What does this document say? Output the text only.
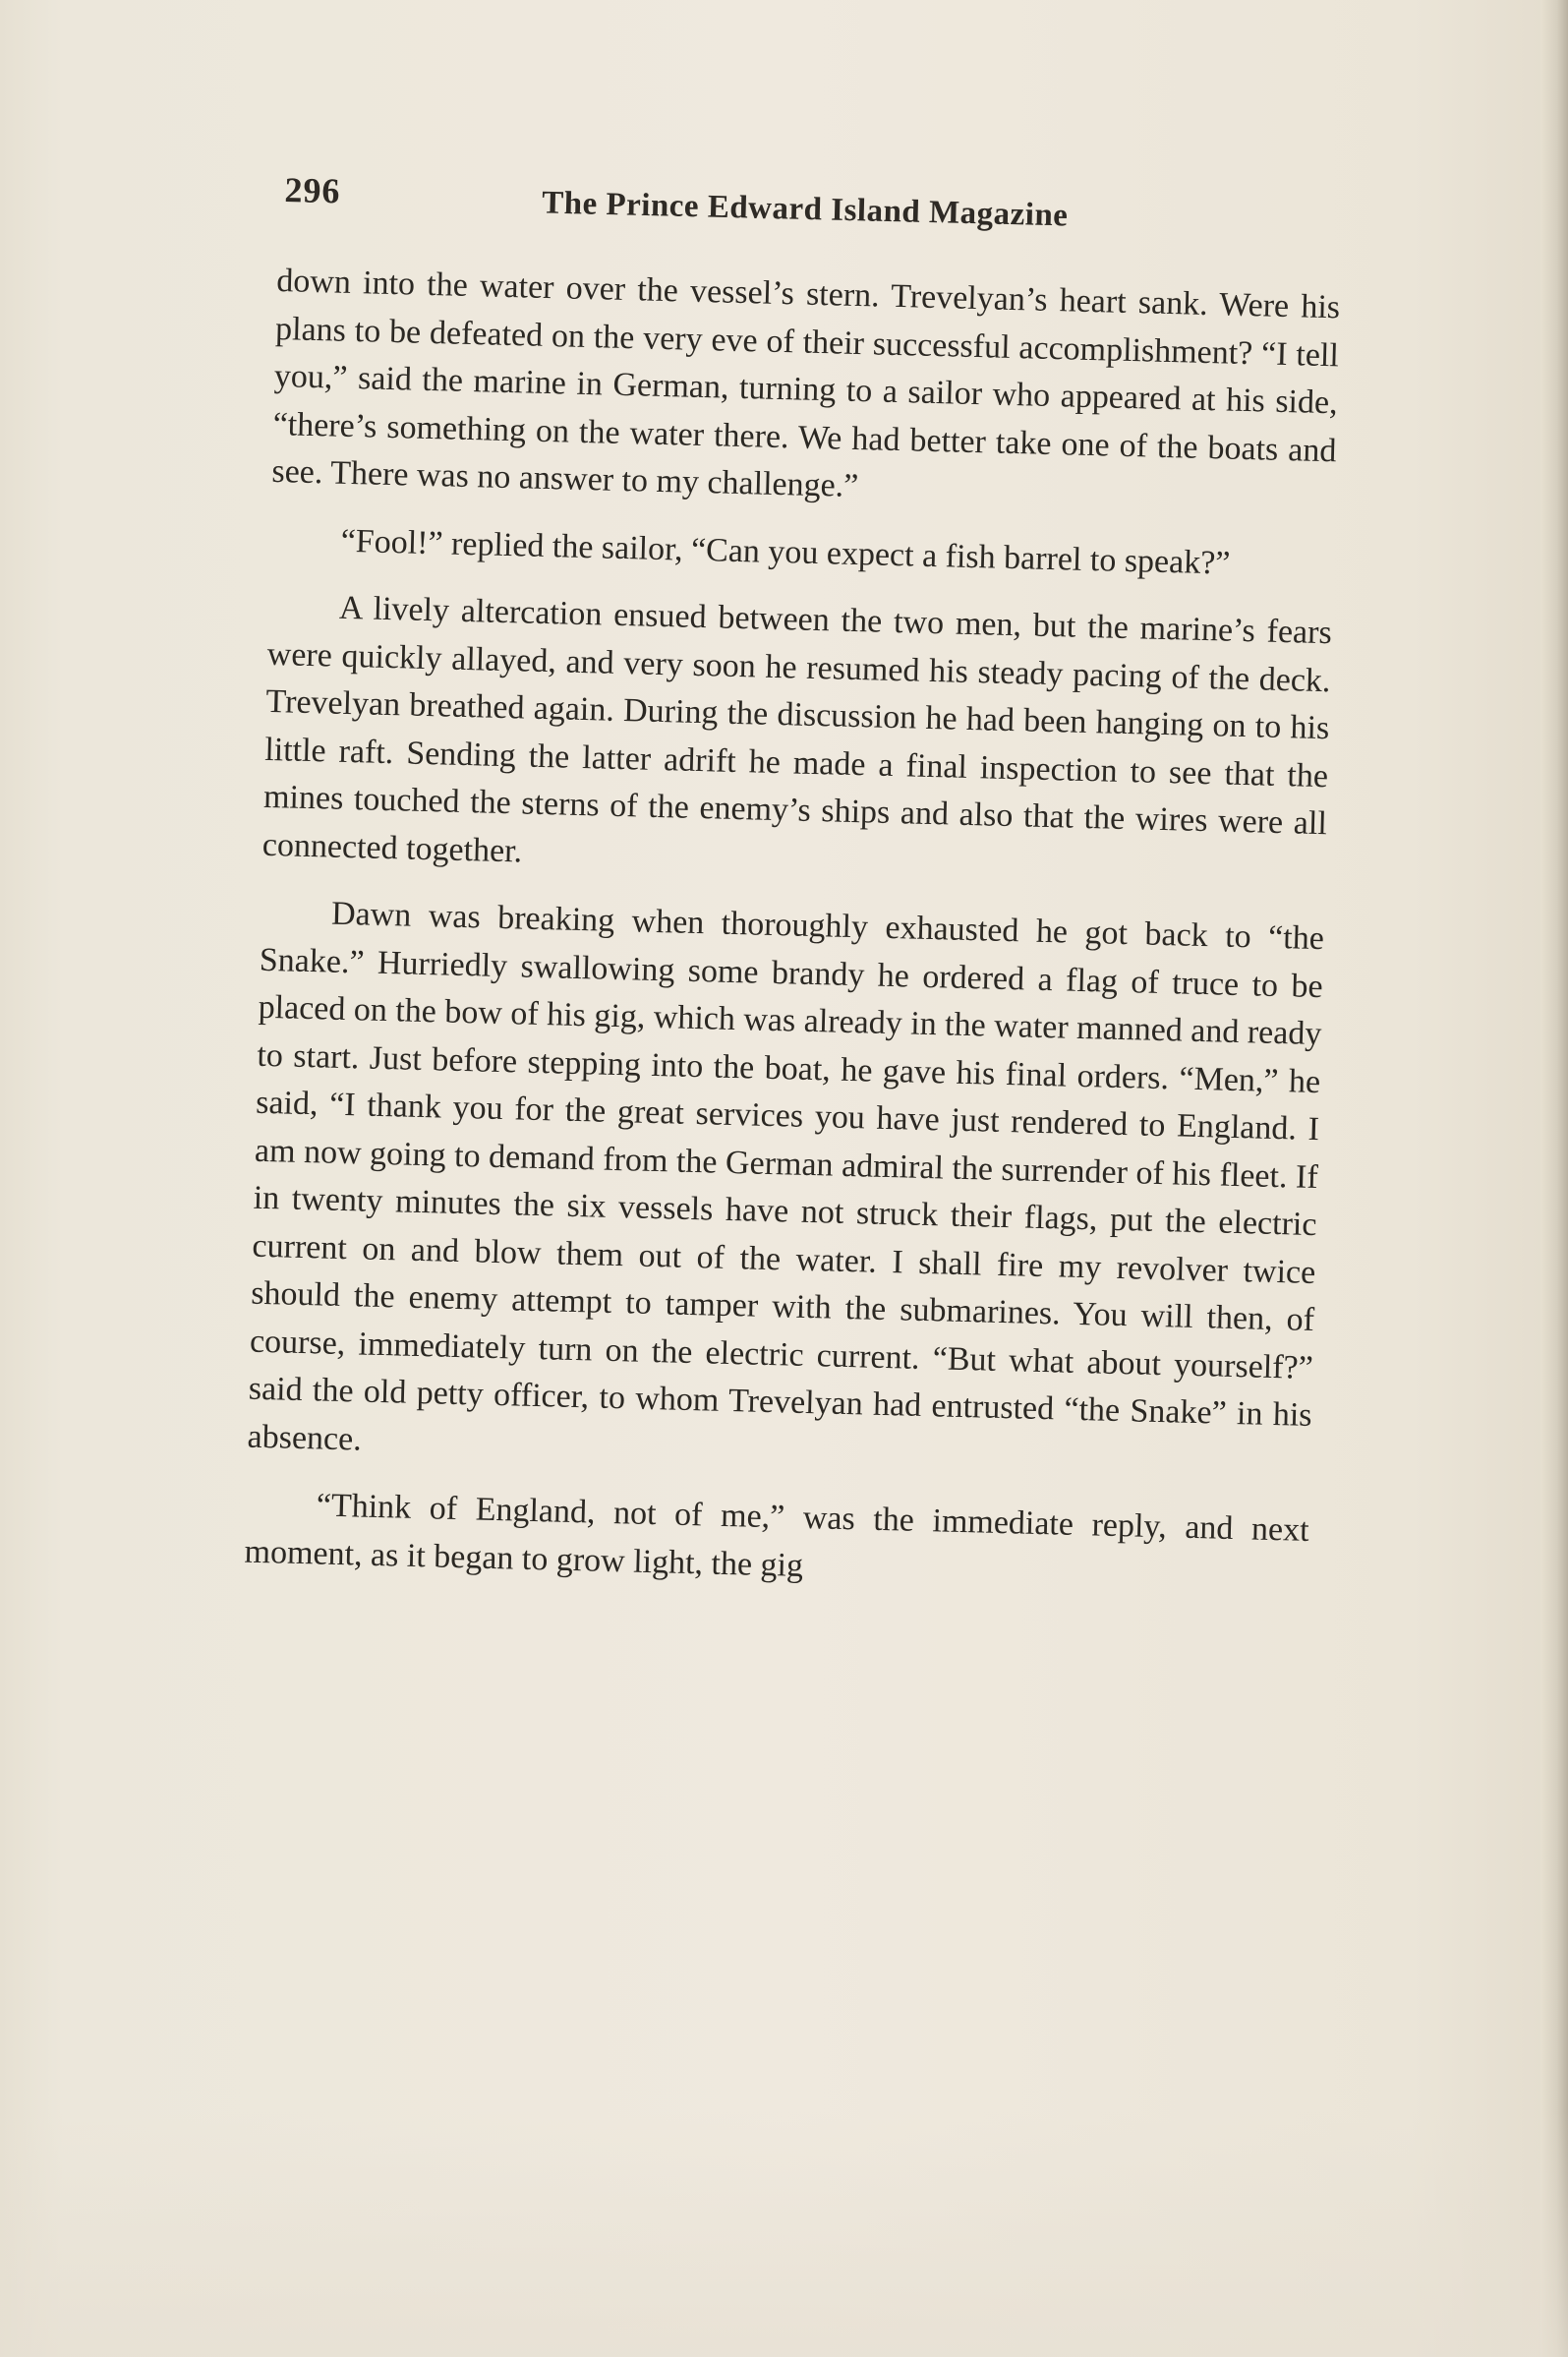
296	The Prince Edward Island Magazine

down into the water over the vessel’s stern. Trevelyan’s heart sank. Were his plans to be defeated on the very eve of their successful accomplishment? “I tell you,” said the marine in German, turning to a sailor who appeared at his side, “there’s something on the water there. We had better take one of the boats and see. There was no answer to my challenge.”

“Fool!” replied the sailor, “Can you expect a fish barrel to speak?”

A lively altercation ensued between the two men, but the marine’s fears were quickly allayed, and very soon he resumed his steady pacing of the deck. Trevelyan breathed again. During the discussion he had been hanging on to his little raft. Sending the latter adrift he made a final inspection to see that the mines touched the sterns of the enemy’s ships and also that the wires were all connected together.

Dawn was breaking when thoroughly exhausted he got back to “the Snake.” Hurriedly swallowing some brandy he ordered a flag of truce to be placed on the bow of his gig, which was already in the water manned and ready to start. Just before stepping into the boat, he gave his final orders. “Men,” he said, “I thank you for the great services you have just rendered to England. I am now going to demand from the German admiral the surrender of his fleet. If in twenty minutes the six vessels have not struck their flags, put the electric current on and blow them out of the water. I shall fire my revolver twice should the enemy attempt to tamper with the submarines. You will then, of course, immediately turn on the electric current. “But what about yourself?” said the old petty officer, to whom Trevelyan had entrusted “the Snake” in his absence.

“Think of England, not of me,” was the immediate reply, and next moment, as it began to grow light, the gig
